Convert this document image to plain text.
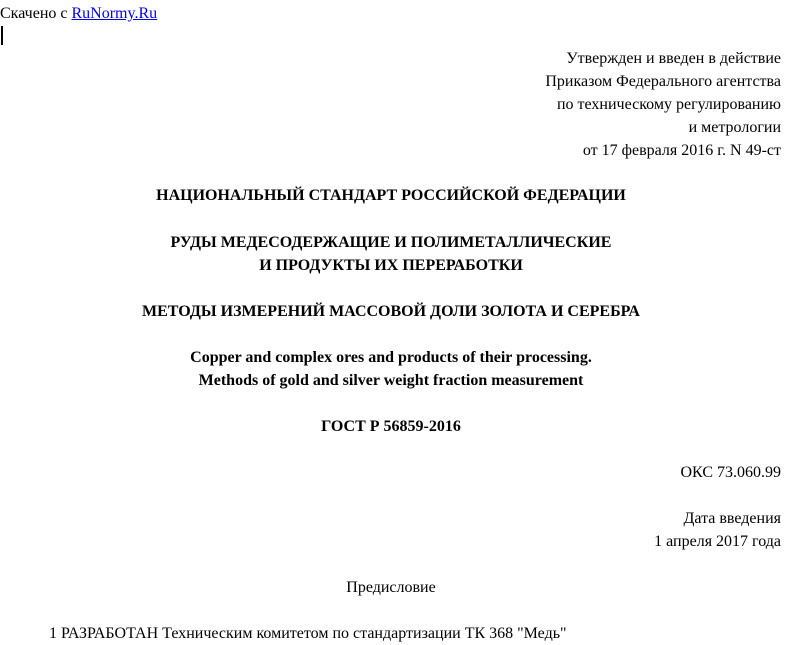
Скачено с RuNormy.Ru
Утвержден и введен в действие
Приказом Федерального агентства
по техническому регулированию
и метрологии
от 17 февраля 2016 г. N 49-ст
НАЦИОНАЛЬНЫЙ СТАНДАРТ РОССИЙСКОЙ ФЕДЕРАЦИИ
РУДЫ МЕДЕСОДЕРЖАЩИЕ И ПОЛИМЕТАЛЛИЧЕСКИЕ
И ПРОДУКТЫ ИХ ПЕРЕРАБОТКИ
МЕТОДЫ ИЗМЕРЕНИЙ МАССОВОЙ ДОЛИ ЗОЛОТА И СЕРЕБРА
Copper and complex ores and products of their processing.
Methods of gold and silver weight fraction measurement
ГОСТ Р 56859-2016
ОКС 73.060.99
Дата введения
1 апреля 2017 года
Предисловие
1 РАЗРАБОТАН Техническим комитетом по стандартизации ТК 368 "Медь"
